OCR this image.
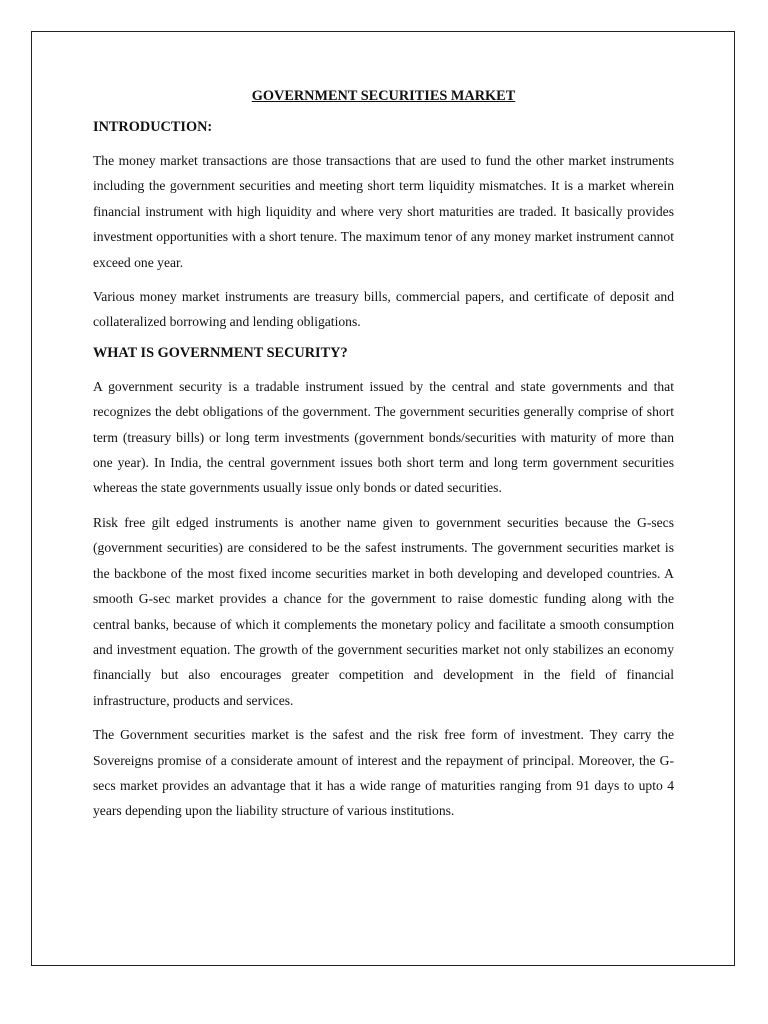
GOVERNMENT SECURITIES MARKET
INTRODUCTION:

The money market transactions are those transactions that are used to fund the other market instruments including the government securities and meeting short term liquidity mismatches. It is a market wherein financial instrument with high liquidity and where very short maturities are traded. It basically provides investment opportunities with a short tenure. The maximum tenor of any money market instrument cannot exceed one year.

Various money market instruments are treasury bills, commercial papers, and certificate of deposit and collateralized borrowing and lending obligations.

WHAT IS GOVERNMENT SECURITY?

A government security is a tradable instrument issued by the central and state governments and that recognizes the debt obligations of the government. The government securities generally comprise of short term (treasury bills) or long term investments (government bonds/securities with maturity of more than one year). In India, the central government issues both short term and long term government securities whereas the state governments usually issue only bonds or dated securities.

Risk free gilt edged instruments is another name given to government securities because the G-secs (government securities) are considered to be the safest instruments. The government securities market is the backbone of the most fixed income securities market in both developing and developed countries. A smooth G-sec market provides a chance for the government to raise domestic funding along with the central banks, because of which it complements the monetary policy and facilitate a smooth consumption and investment equation. The growth of the government securities market not only stabilizes an economy financially but also encourages greater competition and development in the field of financial infrastructure, products and services.

The Government securities market is the safest and the risk free form of investment. They carry the Sovereigns promise of a considerate amount of interest and the repayment of principal. Moreover, the G-secs market provides an advantage that it has a wide range of maturities ranging from 91 days to upto 4 years depending upon the liability structure of various institutions.
